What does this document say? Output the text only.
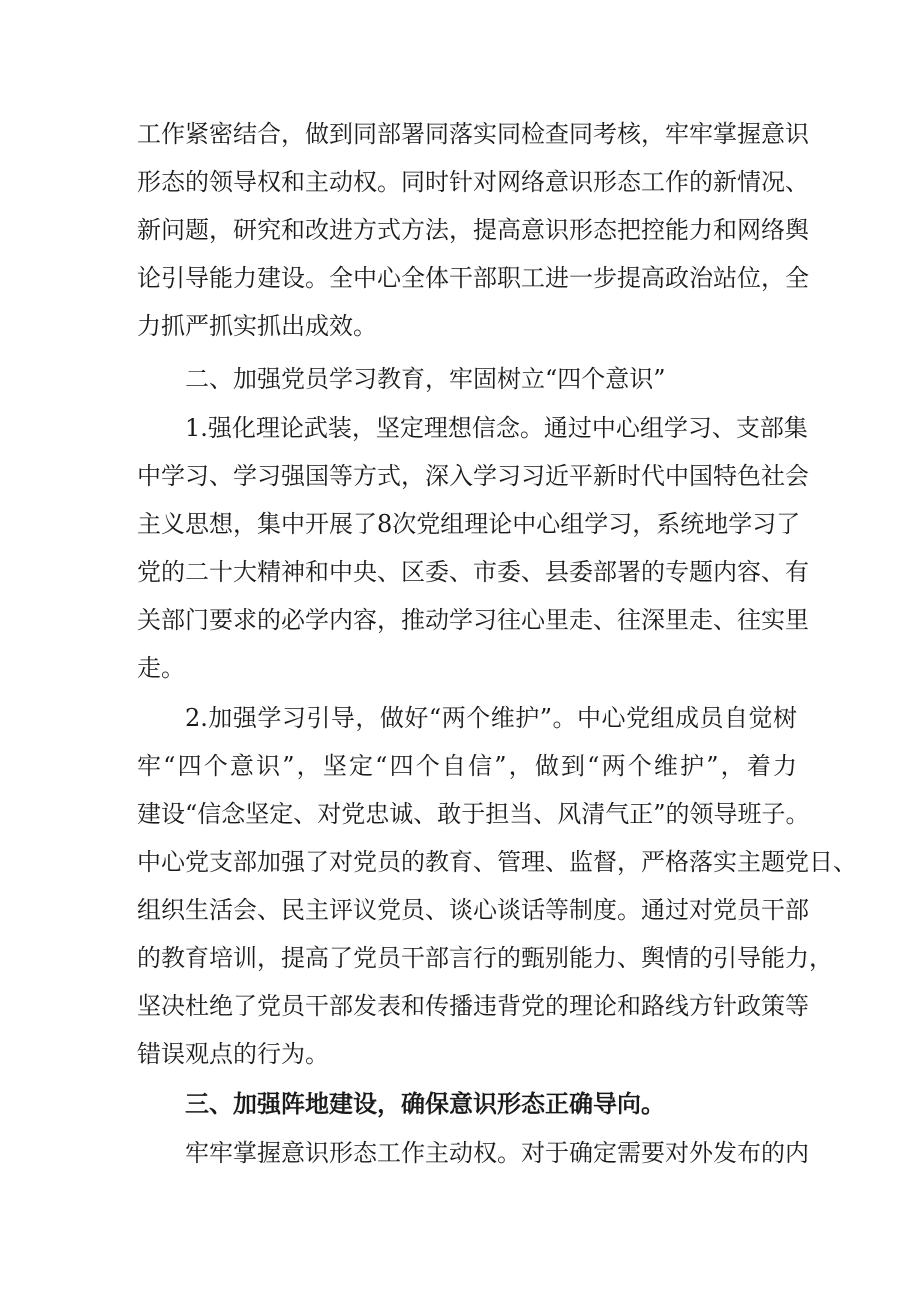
工作紧密结合，做到同部署同落实同检查同考核，牢牢掌握意识
形态的领导权和主动权。同时针对网络意识形态工作的新情况、
新问题，研究和改进方式方法，提高意识形态把控能力和网络舆
论引导能力建设。全中心全体干部职工进一步提高政治站位，全
力抓严抓实抓出成效。
二、加强党员学习教育，牢固树立“四个意识”
1.强化理论武装，坚定理想信念。通过中心组学习、支部集
中学习、学习强国等方式，深入学习习近平新时代中国特色社会
主义思想，集中开展了8次党组理论中心组学习，系统地学习了
党的二十大精神和中央、区委、市委、县委部署的专题内容、有
关部门要求的必学内容，推动学习往心里走、往深里走、往实里
走。
2.加强学习引导，做好“两个维护”。中心党组成员自觉树
牢“四个意识”，坚定“四个自信”，做到“两个维护”，着力
建设“信念坚定、对党忠诚、敢于担当、风清气正”的领导班子。
中心党支部加强了对党员的教育、管理、监督，严格落实主题党日、
组织生活会、民主评议党员、谈心谈话等制度。通过对党员干部
的教育培训，提高了党员干部言行的甄别能力、舆情的引导能力，
坚决杜绝了党员干部发表和传播违背党的理论和路线方针政策等
错误观点的行为。
三、加强阵地建设，确保意识形态正确导向。
牢牢掌握意识形态工作主动权。对于确定需要对外发布的内
